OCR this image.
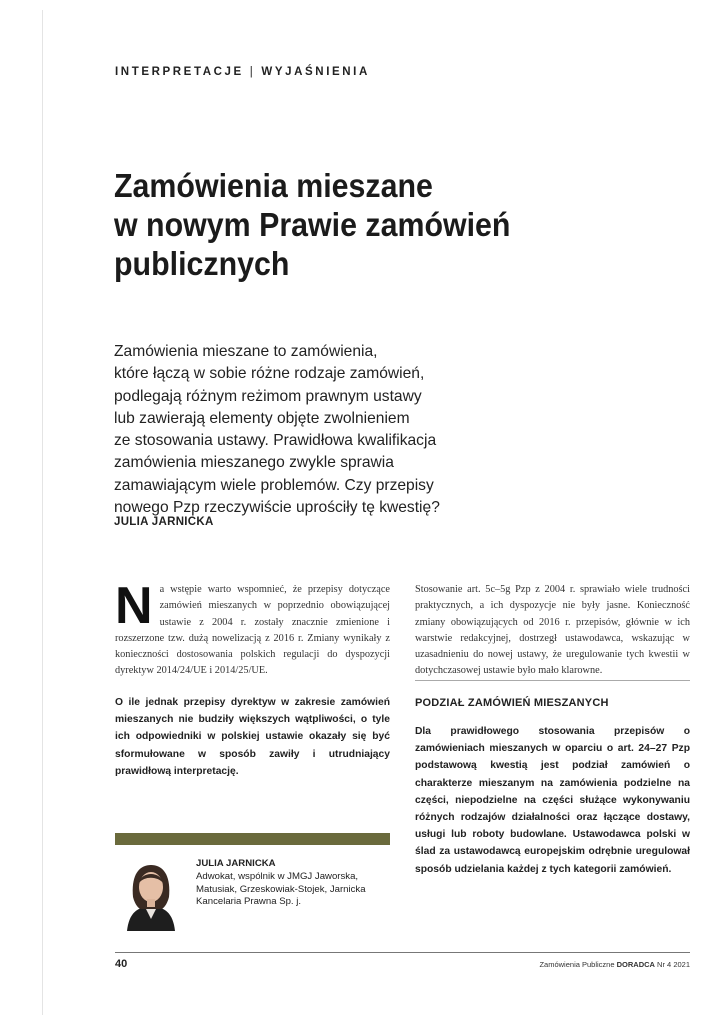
INTERPRETACJE | WYJAŚNIENIA
Zamówienia mieszane
w nowym Prawie zamówień
publicznych
Zamówienia mieszane to zamówienia,
które łączą w sobie różne rodzaje zamówień,
podlegają różnym reżimom prawnym ustawy
lub zawierają elementy objęte zwolnieniem
ze stosowania ustawy. Prawidłowa kwalifikacja
zamówienia mieszanego zwykle sprawia
zamawiającym wiele problemów. Czy przepisy
nowego Pzp rzeczywiście uprościły tę kwestię?
JULIA JARNICKA
Na wstępie warto wspomnieć, że przepisy dotyczące zamówień mieszanych w poprzednio obowiązującej ustawie z 2004 r. zostały znacznie zmienione i rozszerzone tzw. dużą nowelizacją z 2016 r. Zmiany wynikały z konieczności dostosowania polskich regulacji do dyspozycji dyrektyw 2014/24/UE i 2014/25/UE.
O ile jednak przepisy dyrektyw w zakresie zamówień mieszanych nie budziły większych wątpliwości, o tyle ich odpowiedniki w polskiej ustawie okazały się być sformułowane w sposób zawiły i utrudniający prawidłową interpretację.
JULIA JARNICKA
Adwokat, wspólnik w JMGJ Jaworska, Matusiak, Grzeskowiak-Stojek, Jarnicka Kancelaria Prawna Sp. j.
Stosowanie art. 5c–5g Pzp z 2004 r. sprawiało wiele trudności praktycznych, a ich dyspozycje nie były jasne. Konieczność zmiany obowiązujących od 2016 r. przepisów, głównie w ich warstwie redakcyjnej, dostrzegł ustawodawca, wskazując w uzasadnieniu do nowej ustawy, że uregulowanie tych kwestii w dotychczasowej ustawie było mało klarowne.
PODZIAŁ ZAMÓWIEŃ MIESZANYCH
Dla prawidłowego stosowania przepisów o zamówieniach mieszanych w oparciu o art. 24–27 Pzp podstawową kwestią jest podział zamówień o charakterze mieszanym na zamówienia podzielne na części, niepodzielne na części służące wykonywaniu różnych rodzajów działalności oraz łączące dostawy, usługi lub roboty budowlane. Ustawodawca polski w ślad za ustawodawcą europejskim odrębnie uregulował sposób udzielania każdej z tych kategorii zamówień.
40	Zamówienia Publiczne DORADCA Nr 4 2021
